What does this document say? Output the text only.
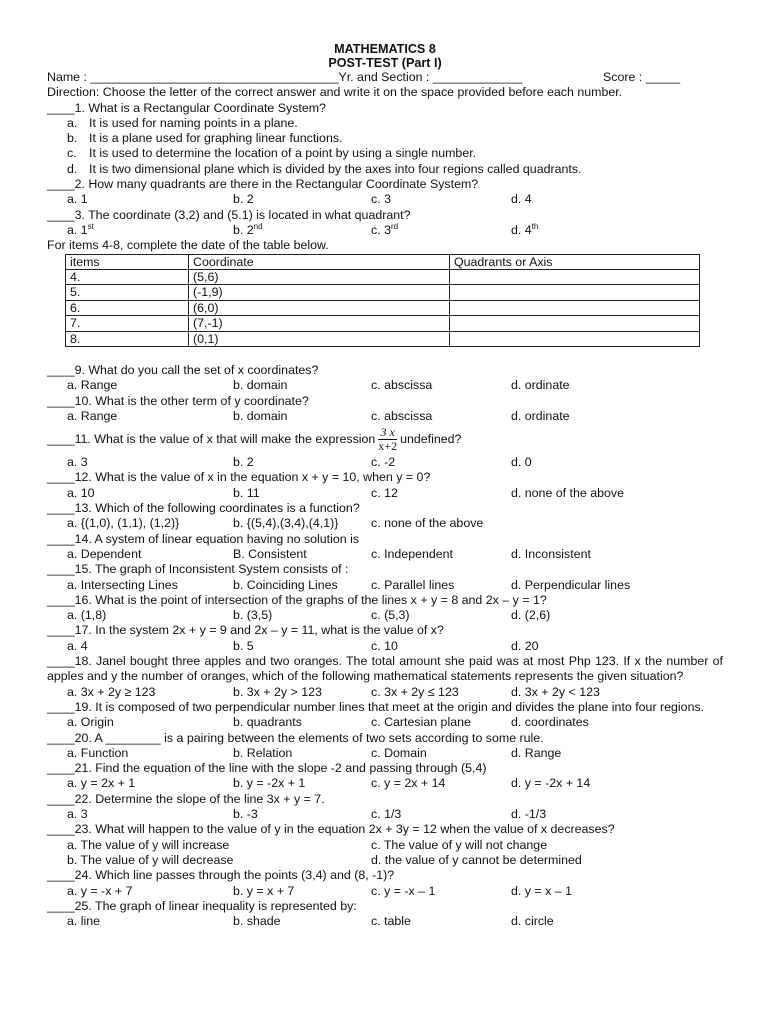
MATHEMATICS 8
POST-TEST (Part I)
Name : ____________________________________Yr. and Section : _____________	Score : _____
Direction: Choose the letter of the correct answer and write it on the space provided before each number.
____1. What is a Rectangular Coordinate System?
a. It is used for naming points in a plane.
b. It is a plane used for graphing linear functions.
c. It is used to determine the location of a point by using a single number.
d. It is two dimensional plane which is divided by the axes into four regions called quadrants.
____2. How many quadrants are there in the Rectangular Coordinate System?
a. 1	b. 2	c. 3	d. 4
____3. The coordinate (3,2) and (5.1) is located in what quadrant?
a. 1st	b. 2nd	c. 3rd	d. 4th
For items 4-8, complete the date of the table below.
items	Coordinate	Quadrants or Axis
4.	(5,6)	
5.	(-1,9)	
6.	(6,0)	
7.	(7,-1)	
8.	(0,1)	
____9. What do you call the set of x coordinates?
a. Range	b. domain	c. abscissa	d. ordinate
____10. What is the other term of y coordinate?
a. Range	b. domain	c. abscissa	d. ordinate
____11. What is the value of x that will make the expression $\frac{3 x}{x+2}$ undefined?
a. 3	b. 2	c. -2	d. 0
____12. What is the value of x in the equation x + y = 10, when y = 0?
a. 10	b. 11	c. 12	d. none of the above
____13. Which of the following coordinates is a function?
a. {(1,0), (1,1), (1,2)}	b. {(5,4),(3,4),(4,1)}	c. none of the above
____14. A system of linear equation having no solution is
a. Dependent	B. Consistent	c. Independent	d. Inconsistent
____15. The graph of Inconsistent System consists of :
a. Intersecting Lines	b. Coinciding Lines	c. Parallel lines	d. Perpendicular lines
____16. What is the point of intersection of the graphs of the lines x + y = 8 and 2x – y = 1?
a. (1,8)	b. (3,5)	c. (5,3)	d. (2,6)
____17. In the system 2x + y = 9 and 2x – y = 11, what is the value of x?
a. 4	b. 5	c. 10	d. 20
____18. Janel bought three apples and two oranges. The total amount she paid was at most Php 123. If x the number of apples and y the number of oranges, which of the following mathematical statements represents the given situation?
a. 3x + 2y ≥ 123	b. 3x + 2y > 123	c. 3x + 2y ≤ 123	d. 3x + 2y < 123
____19. It is composed of two perpendicular number lines that meet at the origin and divides the plane into four regions.
a. Origin	b. quadrants	c. Cartesian plane	d. coordinates
____20. A ________ is a pairing between the elements of two sets according to some rule.
a. Function	b. Relation	c. Domain	d. Range
____21. Find the equation of the line with the slope -2 and passing through (5,4)
a. y = 2x + 1	b. y = -2x + 1	c. y = 2x + 14	d. y = -2x + 14
____22. Determine the slope of the line 3x + y = 7.
a. 3	b. -3	c. 1/3	d. -1/3
____23. What will happen to the value of y in the equation 2x + 3y = 12 when the value of x decreases?
a. The value of y will increase	c. The value of y will not change
b. The value of y will decrease	d. the value of y cannot be determined
____24. Which line passes through the points (3,4) and (8, -1)?
a. y = -x + 7	b. y = x + 7	c. y = -x – 1	d. y = x – 1
____25. The graph of linear inequality is represented by:
a. line	b. shade	c. table	d. circle
